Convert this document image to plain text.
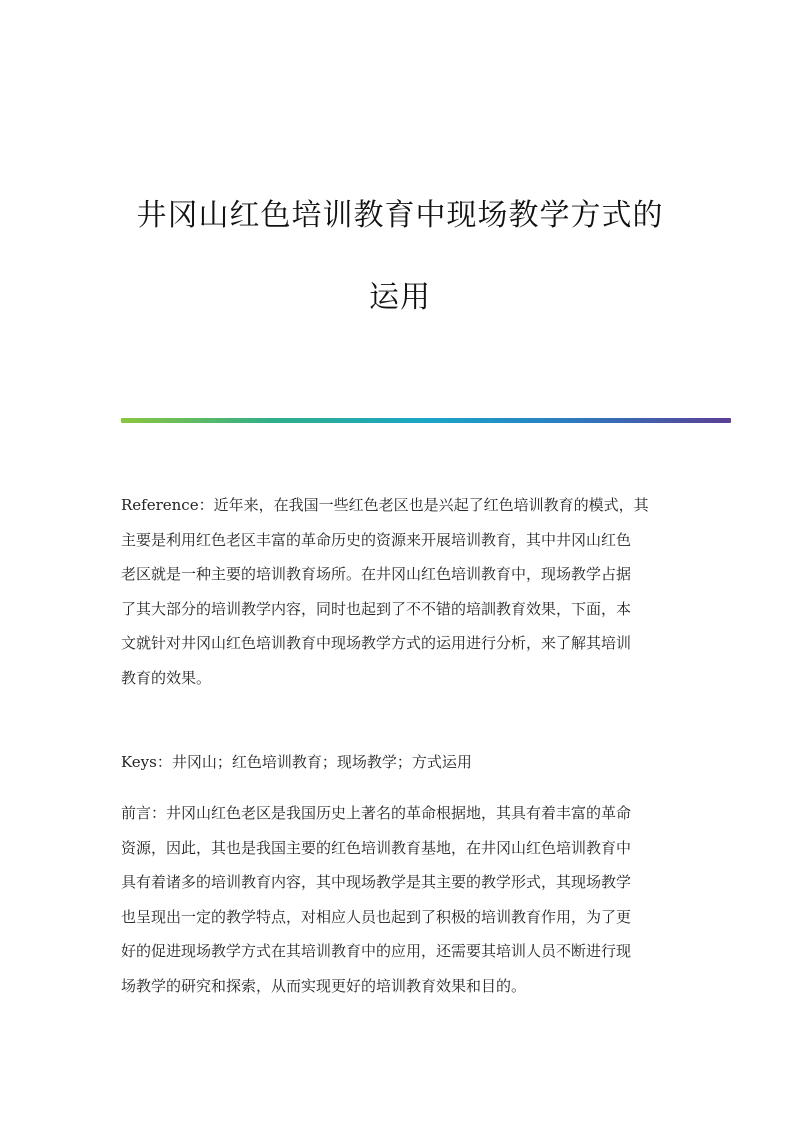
井冈山红色培训教育中现场教学方式的
运用
Reference：近年来，在我国一些红色老区也是兴起了红色培训教育的模式，其
主要是利用红色老区丰富的革命历史的资源来开展培训教育，其中井冈山红色
老区就是一种主要的培训教育场所。在井冈山红色培训教育中，现场教学占据
了其大部分的培训教学内容，同时也起到了不不错的培訓教育效果，下面，本
文就针对井冈山红色培训教育中现场教学方式的运用进行分析，来了解其培训
教育的效果。
Keys：井冈山；红色培训教育；现场教学；方式运用
前言：井冈山红色老区是我国历史上著名的革命根据地，其具有着丰富的革命
资源，因此，其也是我国主要的红色培训教育基地，在井冈山红色培训教育中
具有着诸多的培训教育内容，其中现场教学是其主要的教学形式，其现场教学
也呈现出一定的教学特点，对相应人员也起到了积极的培训教育作用，为了更
好的促进现场教学方式在其培训教育中的应用，还需要其培训人员不断进行现
场教学的研究和探索，从而实现更好的培训教育效果和目的。
